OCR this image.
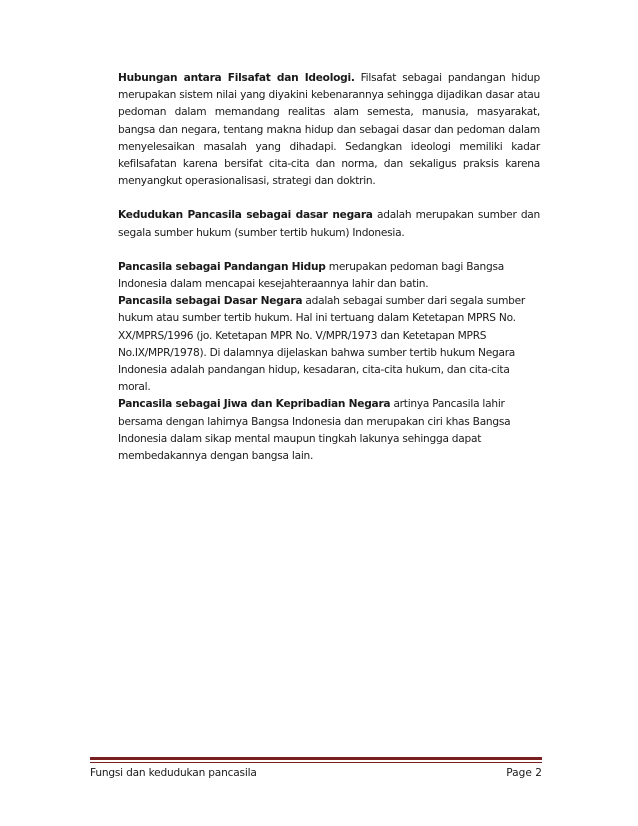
Hubungan antara Filsafat dan Ideologi. Filsafat sebagai pandangan hidup merupakan sistem nilai yang diyakini kebenarannya sehingga dijadikan dasar atau pedoman dalam memandang realitas alam semesta, manusia, masyarakat, bangsa dan negara, tentang makna hidup dan sebagai dasar dan pedoman dalam menyelesaikan masalah yang dihadapi. Sedangkan ideologi memiliki kadar kefilsafatan karena bersifat cita-cita dan norma, dan sekaligus praksis karena menyangkut operasionalisasi, strategi dan doktrin.

Kedudukan Pancasila sebagai dasar negara adalah merupakan sumber dan segala sumber hukum (sumber tertib hukum) Indonesia.

Pancasila sebagai Pandangan Hidup merupakan pedoman bagi Bangsa Indonesia dalam mencapai kesejahteraannya lahir dan batin.

Pancasila sebagai Dasar Negara adalah sebagai sumber dari segala sumber hukum atau sumber tertib hukum. Hal ini tertuang dalam Ketetapan MPRS No. XX/MPRS/1996 (jo. Ketetapan MPR No. V/MPR/1973 dan Ketetapan MPRS No.IX/MPR/1978). Di dalamnya dijelaskan bahwa sumber tertib hukum Negara Indonesia adalah pandangan hidup, kesadaran, cita-cita hukum, dan cita-cita moral.

Pancasila sebagai Jiwa dan Kepribadian Negara artinya Pancasila lahir bersama dengan lahirnya Bangsa Indonesia dan merupakan ciri khas Bangsa Indonesia dalam sikap mental maupun tingkah lakunya sehingga dapat membedakannya dengan bangsa lain.

Fungsi dan kedudukan pancasila	Page 2
